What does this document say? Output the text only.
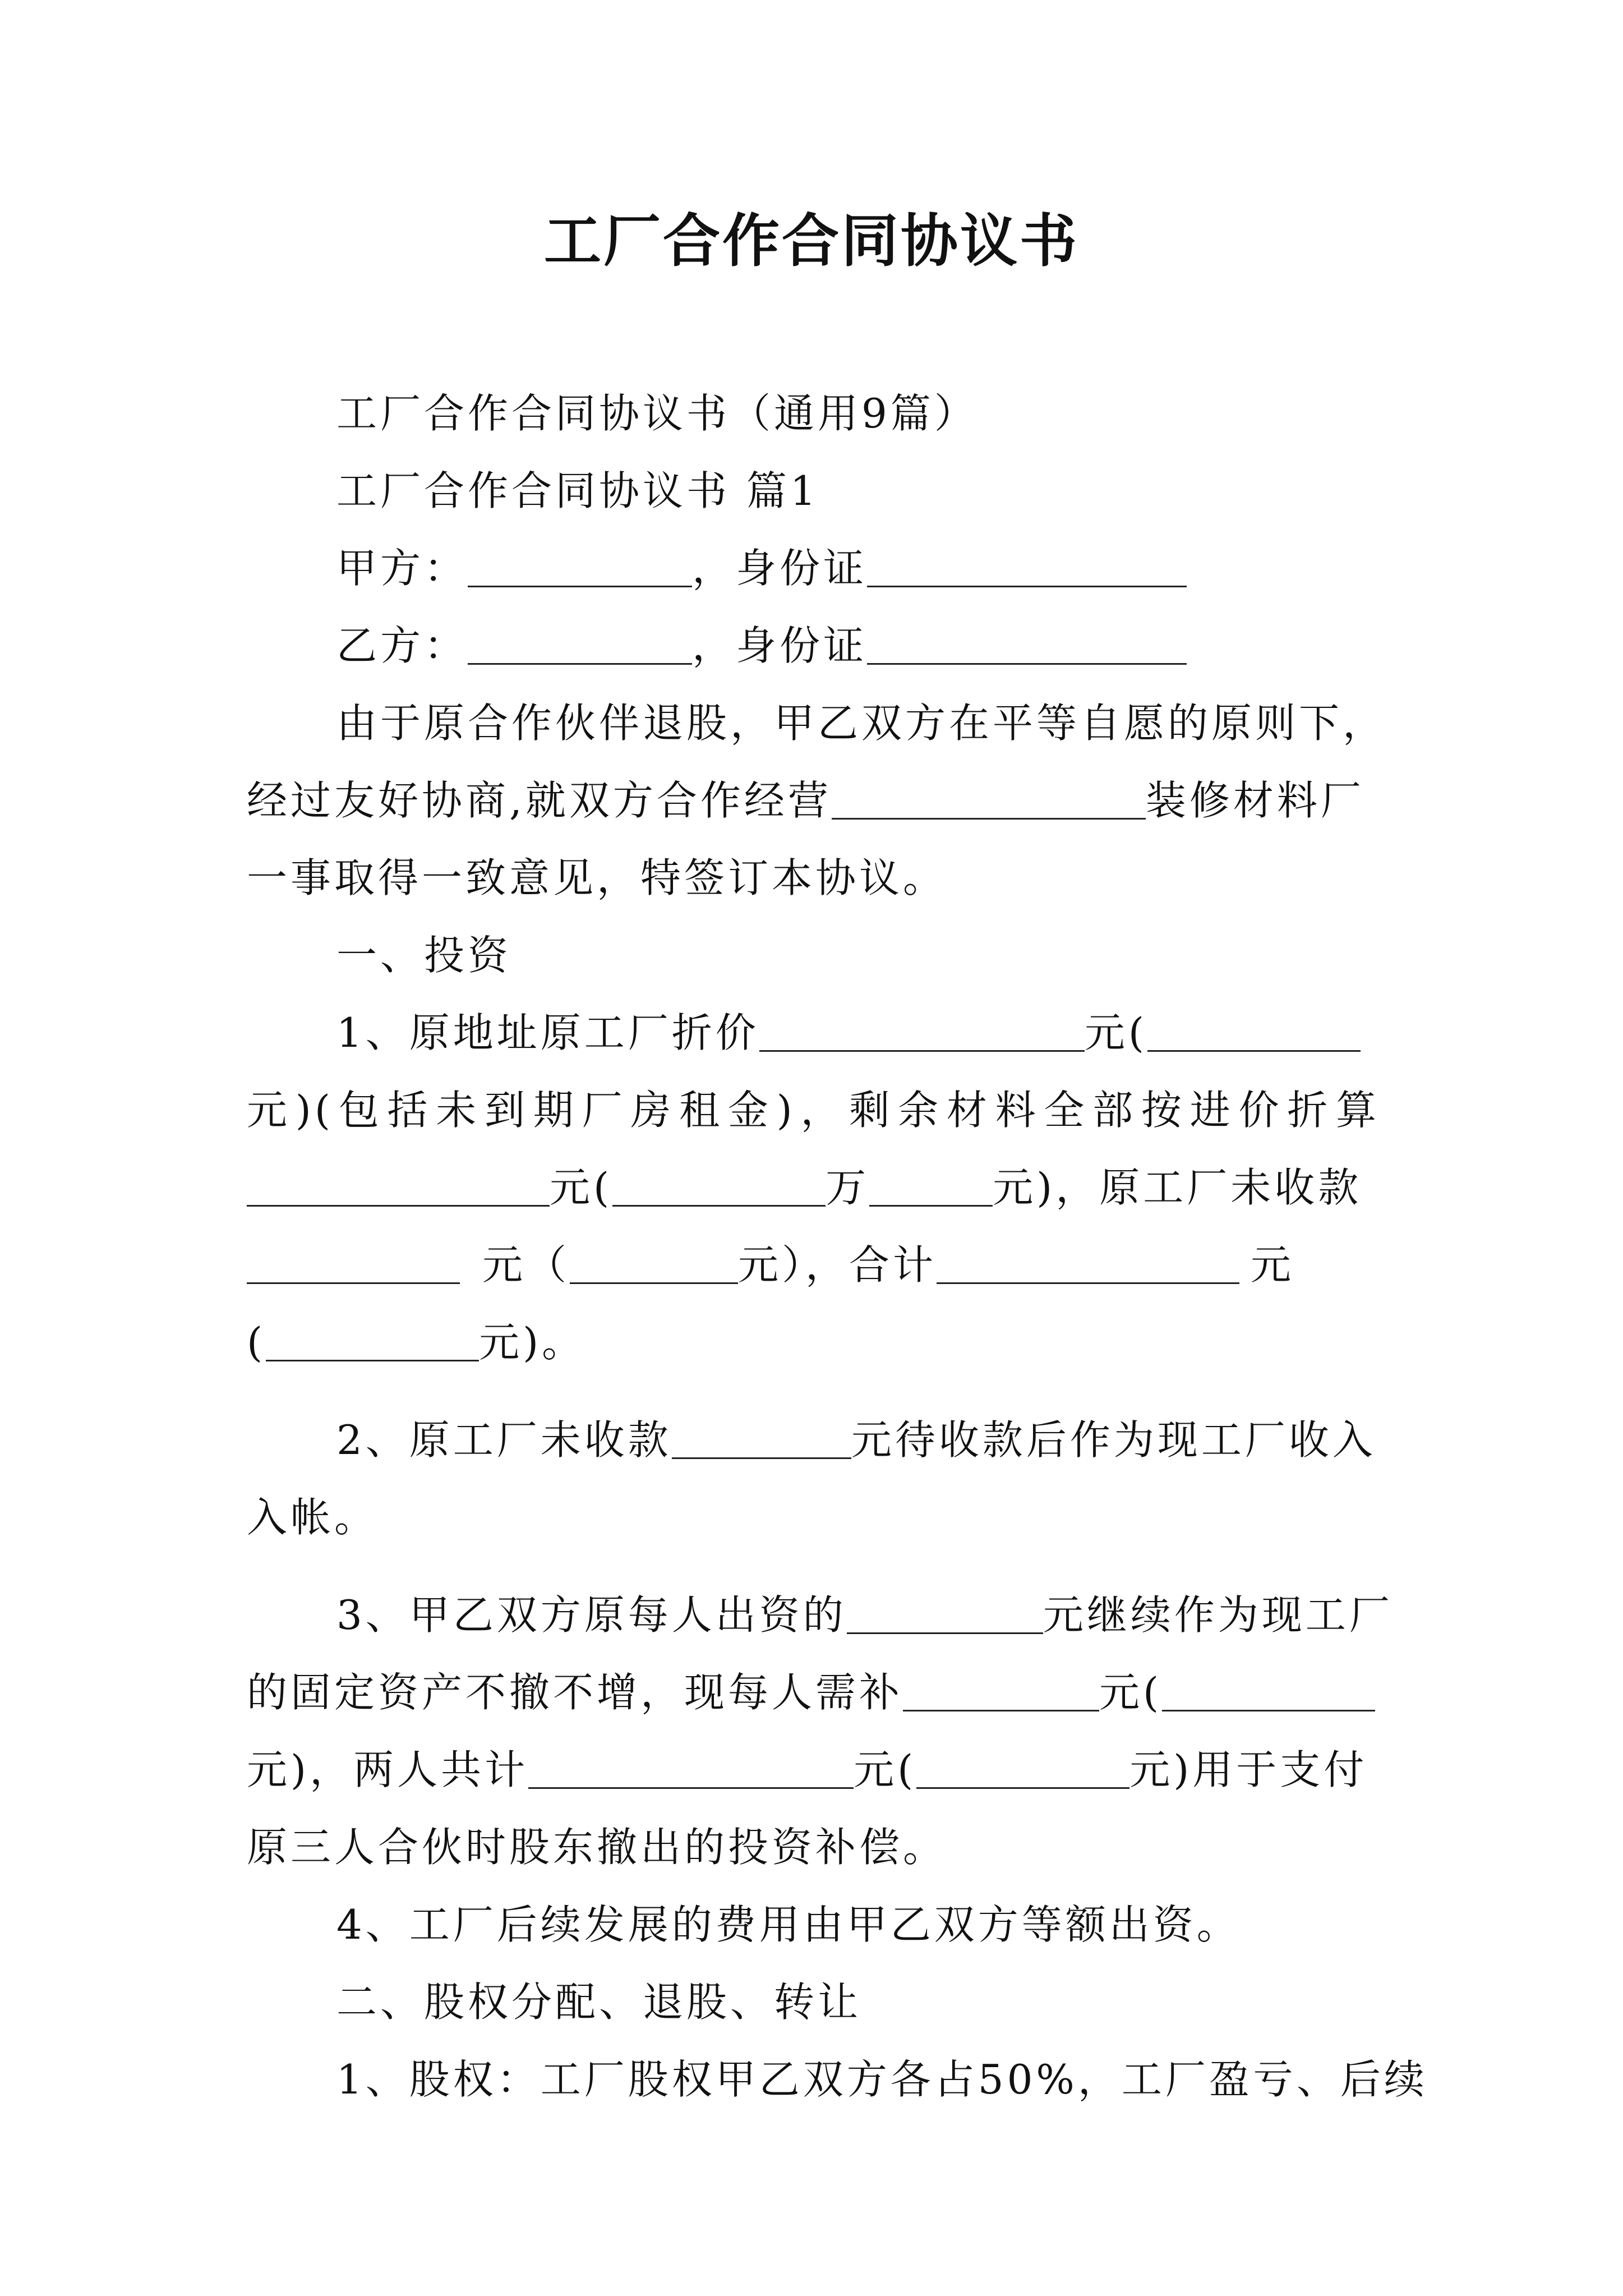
工厂合作合同协议书
工厂合作合同协议书（通用9篇）
工厂合作合同协议书 篇1
甲方：	，身份证
乙方：	，身份证
由于原合作伙伴退股，甲乙双方在平等自愿的原则下，
经过友好协商,就双方合作经营	装修材料厂
一事取得一致意见，特签订本协议。
一、投资
1、原地址原工厂折价	元(
元)(包括未到期厂房租金)，剩余材料全部按进价折算
元(	万	元)，原工厂未收款
元（	元），合计	元
(	元)。
2、原工厂未收款	元待收款后作为现工厂收入
入帐。
3、甲乙双方原每人出资的	元继续作为现工厂
的固定资产不撤不增，现每人需补	元(
元)，两人共计	元(	元)用于支付
原三人合伙时股东撤出的投资补偿。
4、工厂后续发展的费用由甲乙双方等额出资。
二、股权分配、退股、转让
1、股权：工厂股权甲乙双方各占50%，工厂盈亏、后续
